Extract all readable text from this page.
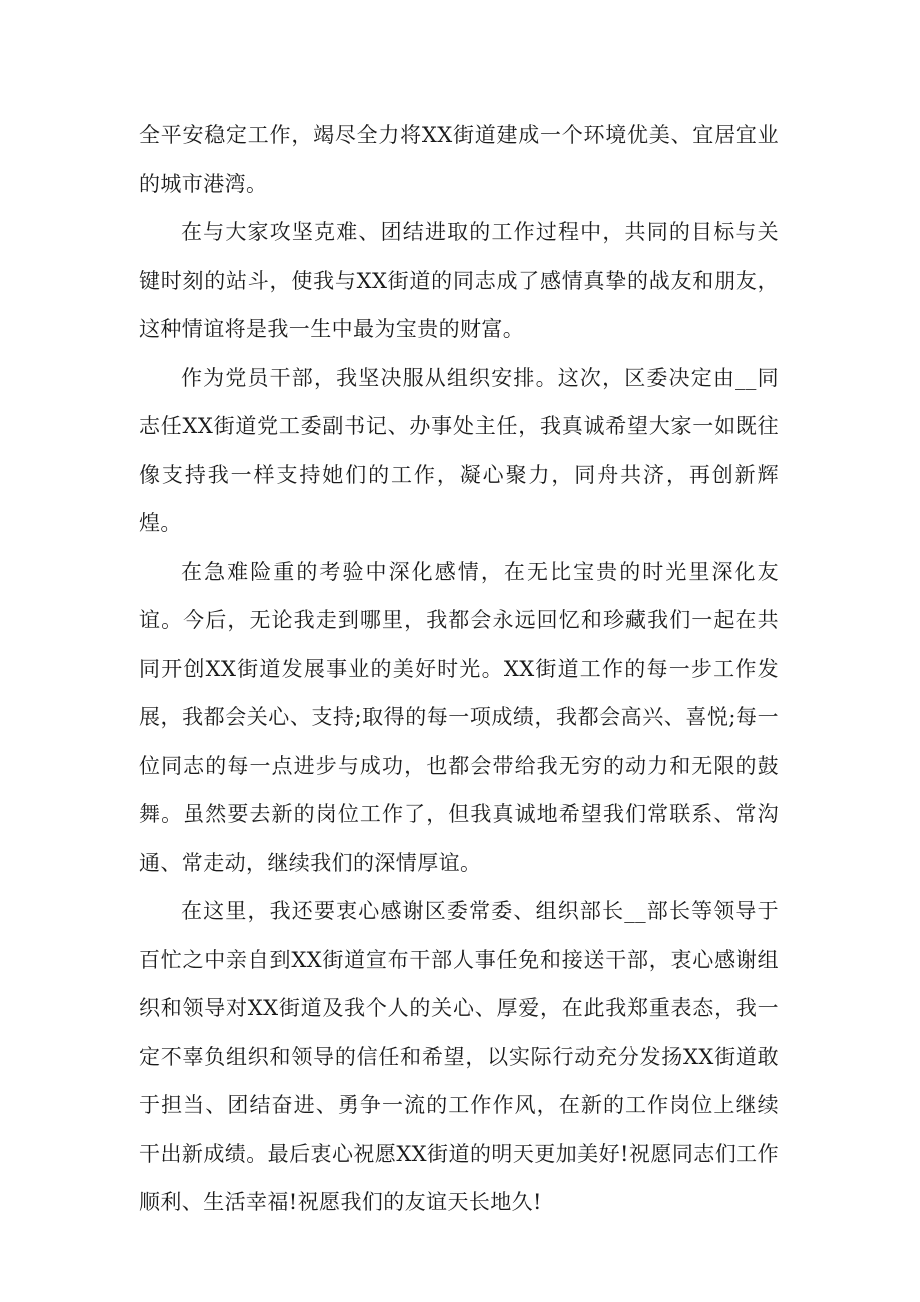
全平安稳定工作，竭尽全力将XX街道建成一个环境优美、宜居宜业的城市港湾。

在与大家攻坚克难、团结进取的工作过程中，共同的目标与关键时刻的站斗，使我与XX街道的同志成了感情真挚的战友和朋友，这种情谊将是我一生中最为宝贵的财富。

作为党员干部，我坚决服从组织安排。这次，区委决定由__同志任XX街道党工委副书记、办事处主任，我真诚希望大家一如既往像支持我一样支持她们的工作，凝心聚力，同舟共济，再创新辉煌。

在急难险重的考验中深化感情，在无比宝贵的时光里深化友谊。今后，无论我走到哪里，我都会永远回忆和珍藏我们一起在共同开创XX街道发展事业的美好时光。XX街道工作的每一步工作发展，我都会关心、支持;取得的每一项成绩，我都会高兴、喜悦;每一位同志的每一点进步与成功，也都会带给我无穷的动力和无限的鼓舞。虽然要去新的岗位工作了，但我真诚地希望我们常联系、常沟通、常走动，继续我们的深情厚谊。

在这里，我还要衷心感谢区委常委、组织部长__部长等领导于百忙之中亲自到XX街道宣布干部人事任免和接送干部，衷心感谢组织和领导对XX街道及我个人的关心、厚爱，在此我郑重表态，我一定不辜负组织和领导的信任和希望，以实际行动充分发扬XX街道敢于担当、团结奋进、勇争一流的工作作风，在新的工作岗位上继续干出新成绩。最后衷心祝愿XX街道的明天更加美好!祝愿同志们工作顺利、生活幸福!祝愿我们的友谊天长地久!
